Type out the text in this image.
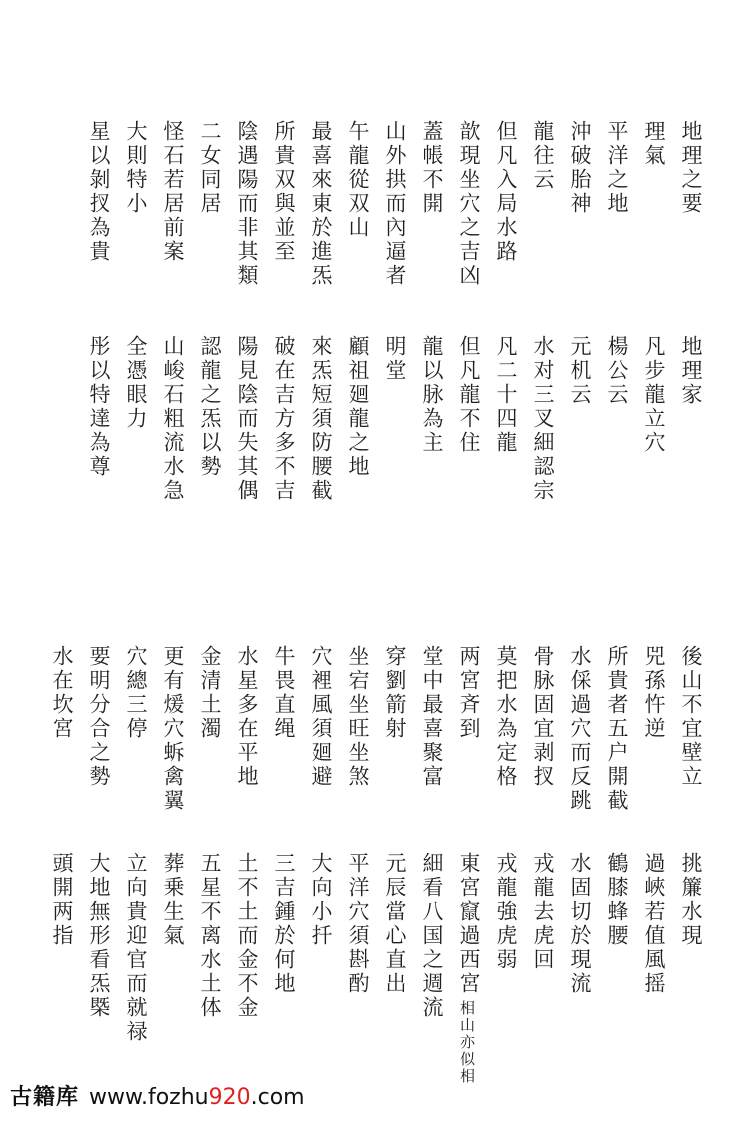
地理之要
理氣
平洋之地
沖破胎神
龍往云
但凡入局水路
歆現坐穴之吉凶
蓋帳不開
山外拱而內逼者
午龍從双山
最喜來東於進炁
所貴双與並至
陰遇陽而非其類
二女同居
怪石若居前案
大則特小
星以剝扠為貴
地理家
凡步龍立穴
楊公云
元机云
水对三叉細認宗
凡二十四龍
但凡龍不住
龍以脉為主
明堂
顧祖廻龍之地
來炁短須防腰截
破在吉方多不吉
陽見陰而失其偶
認龍之炁以勢
山峻石粗流水急
全憑眼力
彤以特達為尊
後山不宜壁立
兕孫忤逆
所貴者五户開截
水倸過穴而反跳
骨脉固宜剥扠
莫把水為定格
两宮斉到
堂中最喜聚富
穿劉箭射
坐宕坐旺坐煞
穴裡風須廻避
牛畏直绳
水星多在平地
金清土濁
更有煖穴蚸禽翼
穴總三停
要明分合之勢
水在坎宮
挑簾水現
過峽若值風摇
鶴膝蜂腰
水固切於現流
戎龍去虎回
戎龍強虎弱
東宮竄過西宮
細看八国之週流
元辰當心直出
平洋穴須斟酌
大向小扦
三吉鍾於何地
土不土而金不金
五星不离水土体
葬乗生氣
立向貴迎官而就禄
大地無形看炁槩
頭開两指
相山亦似相
古籍库 www.fozhu920.com
